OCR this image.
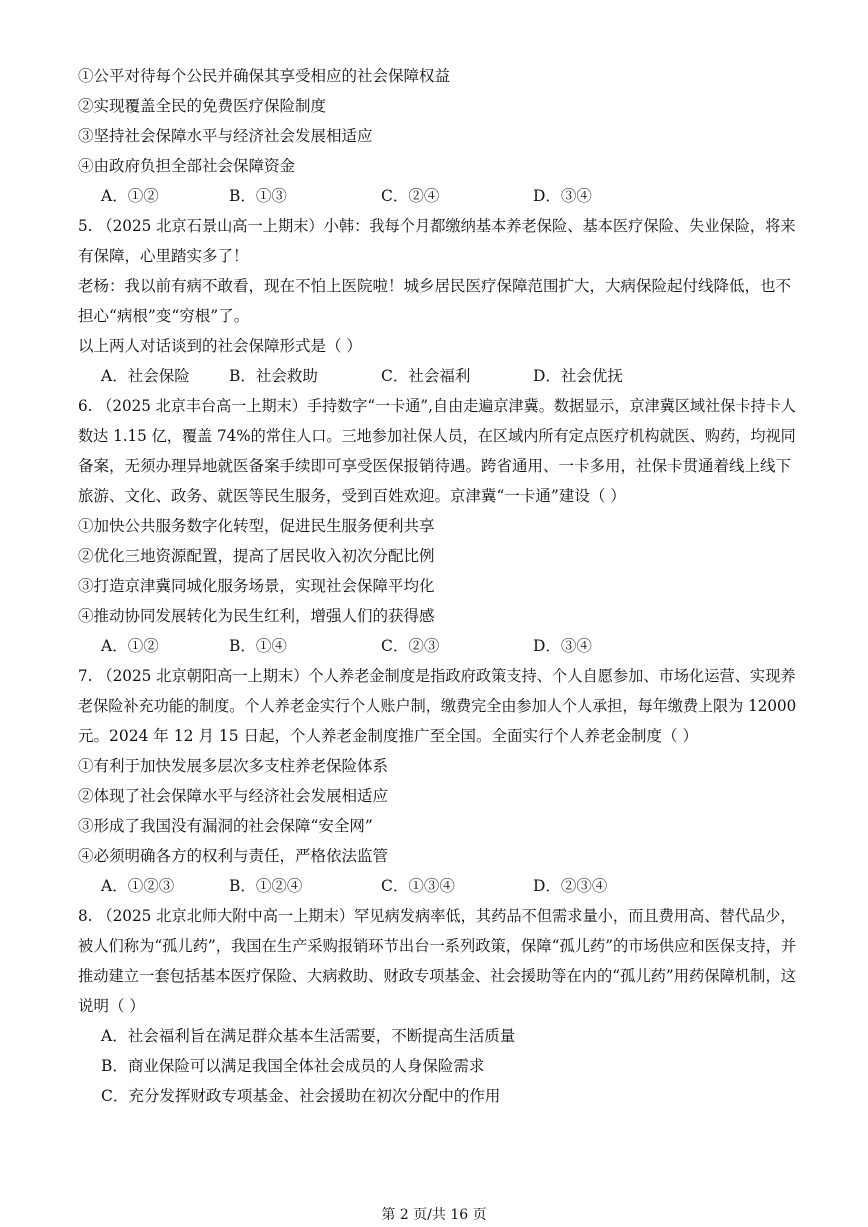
①公平对待每个公民并确保其享受相应的社会保障权益
②实现覆盖全民的免费医疗保险制度
③坚持社会保障水平与经济社会发展相适应
④由政府负担全部社会保障资金
A．①②	B．①③	C．②④	D．③④
5. （2025 北京石景山高一上期末）小韩：我每个月都缴纳基本养老保险、基本医疗保险、失业保险，将来
有保障，心里踏实多了！
老杨：我以前有病不敢看，现在不怕上医院啦！城乡居民医疗保障范围扩大，大病保险起付线降低，也不
担心“病根”变“穷根”了。
以上两人对话谈到的社会保障形式是（ ）
A．社会保险	B．社会救助	C．社会福利	D．社会优抚
6. （2025 北京丰台高一上期末）手持数字“一卡通”,自由走遍京津冀。数据显示，京津冀区域社保卡持卡人
数达 1.15 亿，覆盖 74%的常住人口。三地参加社保人员，在区域内所有定点医疗机构就医、购药，均视同
备案，无须办理异地就医备案手续即可享受医保报销待遇。跨省通用、一卡多用，社保卡贯通着线上线下
旅游、文化、政务、就医等民生服务，受到百姓欢迎。京津冀“一卡通”建设（ ）
①加快公共服务数字化转型，促进民生服务便利共享
②优化三地资源配置，提高了居民收入初次分配比例
③打造京津冀同城化服务场景，实现社会保障平均化
④推动协同发展转化为民生红利，增强人们的获得感
A．①②	B．①④	C．②③	D．③④
7. （2025 北京朝阳高一上期末）个人养老金制度是指政府政策支持、个人自愿参加、市场化运营、实现养
老保险补充功能的制度。个人养老金实行个人账户制，缴费完全由参加人个人承担，每年缴费上限为 12000
元。2024 年 12 月 15 日起，个人养老金制度推广至全国。全面实行个人养老金制度（ ）
①有利于加快发展多层次多支柱养老保险体系
②体现了社会保障水平与经济社会发展相适应
③形成了我国没有漏洞的社会保障“安全网”
④必须明确各方的权利与责任，严格依法监管
A．①②③	B．①②④	C．①③④	D．②③④
8. （2025 北京北师大附中高一上期末）罕见病发病率低，其药品不但需求量小，而且费用高、替代品少，
被人们称为“孤儿药”，我国在生产采购报销环节出台一系列政策，保障“孤儿药”的市场供应和医保支持，并
推动建立一套包括基本医疗保险、大病救助、财政专项基金、社会援助等在内的“孤儿药”用药保障机制，这
说明（ ）
A．社会福利旨在满足群众基本生活需要，不断提高生活质量
B．商业保险可以满足我国全体社会成员的人身保险需求
C．充分发挥财政专项基金、社会援助在初次分配中的作用
第 2 页/共 16 页
